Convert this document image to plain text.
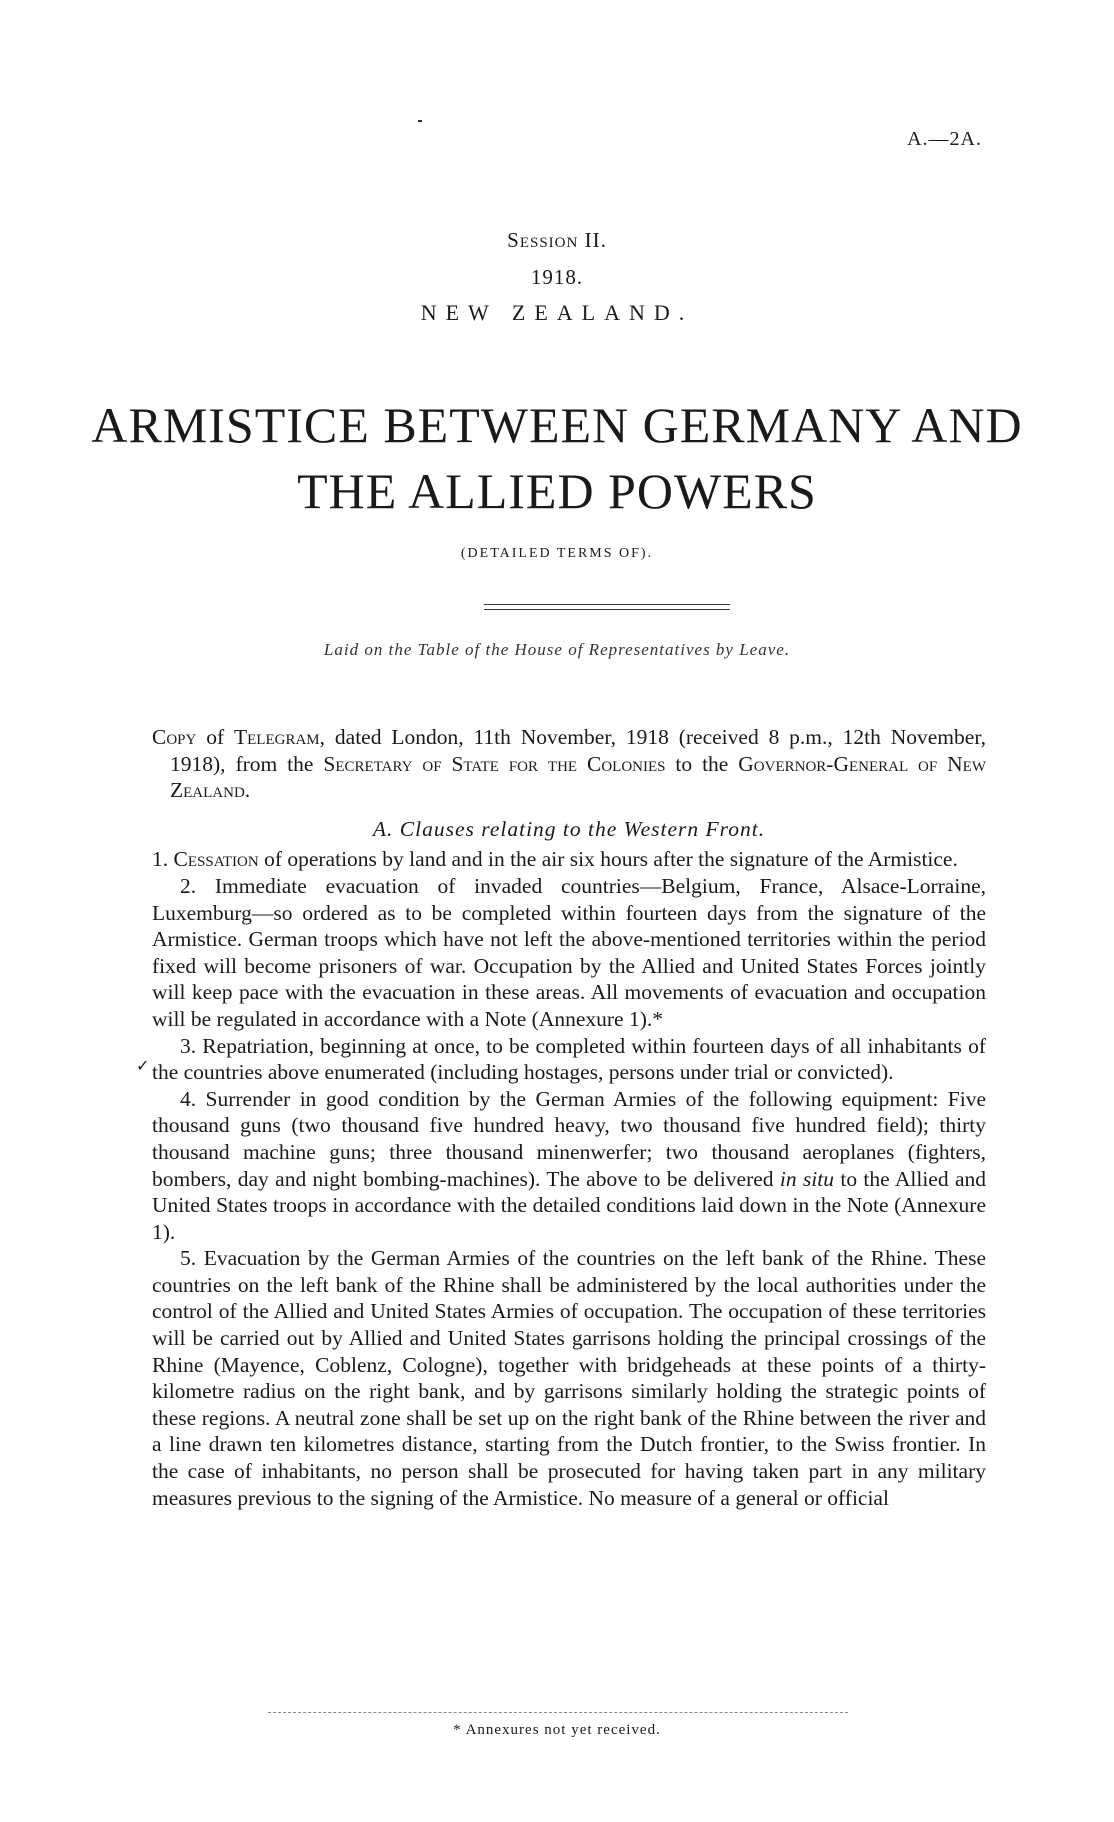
A.—2A.
Session II.
1918.
NEW ZEALAND.
ARMISTICE BETWEEN GERMANY AND
THE ALLIED POWERS
(DETAILED TERMS OF).
Laid on the Table of the House of Representatives by Leave.
✓

Copy of Telegram, dated London, 11th November, 1918 (received 8 p.m., 12th November, 1918), from the Secretary of State for the Colonies to the Governor-General of New Zealand.

A. Clauses relating to the Western Front.

1. Cessation of operations by land and in the air six hours after the signature of the Armistice.

2. Immediate evacuation of invaded countries—Belgium, France, Alsace-Lorraine, Luxemburg—so ordered as to be completed within fourteen days from the signature of the Armistice. German troops which have not left the above-mentioned territories within the period fixed will become prisoners of war. Occupation by the Allied and United States Forces jointly will keep pace with the evacuation in these areas. All movements of evacuation and occupation will be regulated in accordance with a Note (Annexure 1).*

3. Repatriation, beginning at once, to be completed within fourteen days of all inhabitants of the countries above enumerated (including hostages, persons under trial or convicted).

4. Surrender in good condition by the German Armies of the following equipment: Five thousand guns (two thousand five hundred heavy, two thousand five hundred field); thirty thousand machine guns; three thousand minenwerfer; two thousand aeroplanes (fighters, bombers, day and night bombing-machines). The above to be delivered in situ to the Allied and United States troops in accordance with the detailed conditions laid down in the Note (Annexure 1).

5. Evacuation by the German Armies of the countries on the left bank of the Rhine. These countries on the left bank of the Rhine shall be administered by the local authorities under the control of the Allied and United States Armies of occupation. The occupation of these territories will be carried out by Allied and United States garrisons holding the principal crossings of the Rhine (Mayence, Coblenz, Cologne), together with bridgeheads at these points of a thirty-kilometre radius on the right bank, and by garrisons similarly holding the strategic points of these regions. A neutral zone shall be set up on the right bank of the Rhine between the river and a line drawn ten kilometres distance, starting from the Dutch frontier, to the Swiss frontier. In the case of inhabitants, no person shall be prosecuted for having taken part in any military measures previous to the signing of the Armistice. No measure of a general or official

* Annexures not yet received.
